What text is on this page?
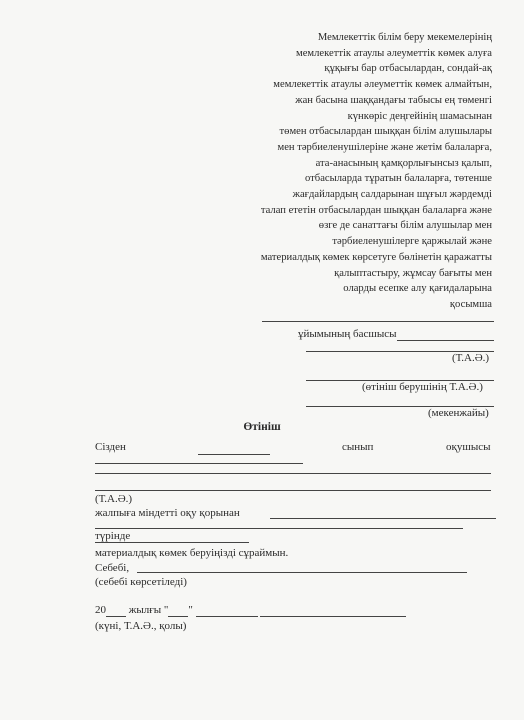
Мемлекеттік білім беру мекемелерінің
мемлекеттік атаулы әлеуметтік көмек алуға
құқығы бар отбасылардан, сондай-ақ
мемлекеттік атаулы әлеуметтік көмек алмайтын,
жан басына шаққандағы табысы ең төменгі
күнкөріс деңгейінің шамасынан
төмен отбасылардан шыққан білім алушылары
мен тәрбиеленушілеріне және жетім балаларға,
ата-анасының қамқорлығынсыз қалып,
отбасыларда тұратын балаларға, төтенше
жағдайлардың салдарынан шұғыл жәрдемді
талап ететін отбасылардан шыққан балаларға және
өзге де санаттағы білім алушылар мен
тәрбиеленушілерге қаржылай және
материалдық көмек көрсетуге бөлінетін қаражатты
қалыптастыру, жұмсау бағыты мен
оларды есепке алу қағидаларына
қосымша
ұйымының басшысы
(Т.А.Ә.)
(өтініш берушінің Т.А.Ә.)
(мекенжайы)
Өтініш
Сізден	сынып	оқушысы
(Т.А.Ә.)
жалпыға міндетті оқу қорынан
түрінде
материалдық көмек беруіңізді сұраймын.
Себебі,
(себебі көрсетіледі)
20 жылғы " "
(күні, Т.А.Ә., қолы)
